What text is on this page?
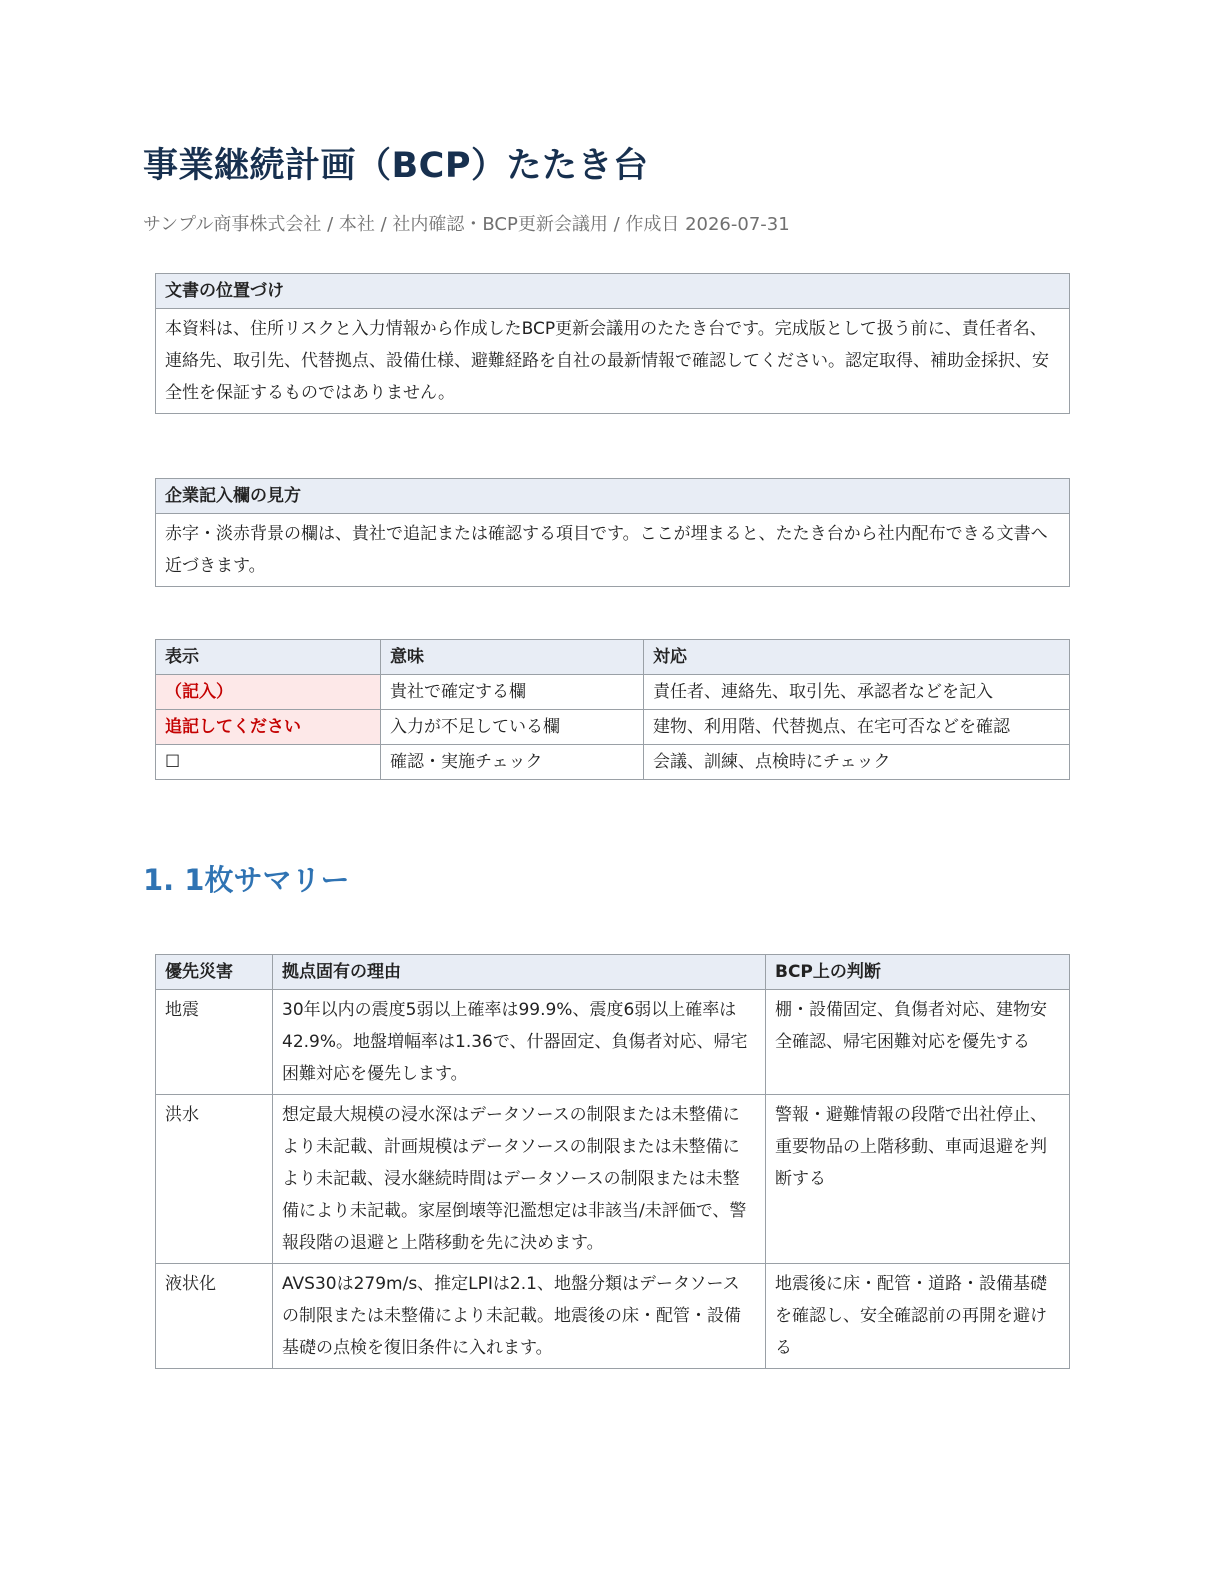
事業継続計画（BCP）たたき台

サンプル商事株式会社 / 本社 / 社内確認・BCP更新会議用 / 作成日 2026-07-31

文書の位置づけ
本資料は、住所リスクと入力情報から作成したBCP更新会議用のたたき台です。完成版として扱う前に、責任者名、連絡先、取引先、代替拠点、設備仕様、避難経路を自社の最新情報で確認してください。認定取得、補助金採択、安全性を保証するものではありません。
企業記入欄の見方
赤字・淡赤背景の欄は、貴社で追記または確認する項目です。ここが埋まると、たたき台から社内配布できる文書へ近づきます。
表示	意味	対応
（記入）	貴社で確定する欄	責任者、連絡先、取引先、承認者などを記入
追記してください	入力が不足している欄	建物、利用階、代替拠点、在宅可否などを確認
☐	確認・実施チェック	会議、訓練、点検時にチェック
1. 1枚サマリー
優先災害	拠点固有の理由	BCP上の判断
地震	30年以内の震度5弱以上確率は99.9%、震度6弱以上確率は42.9%。地盤増幅率は1.36で、什器固定、負傷者対応、帰宅困難対応を優先します。	棚・設備固定、負傷者対応、建物安全確認、帰宅困難対応を優先する
洪水	想定最大規模の浸水深はデータソースの制限または未整備により未記載、計画規模はデータソースの制限または未整備により未記載、浸水継続時間はデータソースの制限または未整備により未記載。家屋倒壊等氾濫想定は非該当/未評価で、警報段階の退避と上階移動を先に決めます。	警報・避難情報の段階で出社停止、重要物品の上階移動、車両退避を判断する
液状化	AVS30は279m/s、推定LPIは2.1、地盤分類はデータソースの制限または未整備により未記載。地震後の床・配管・設備基礎の点検を復旧条件に入れます。	地震後に床・配管・道路・設備基礎を確認し、安全確認前の再開を避ける
